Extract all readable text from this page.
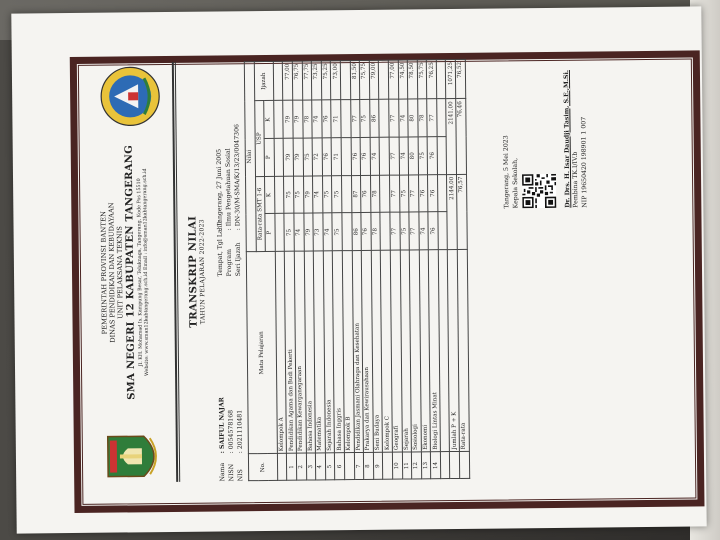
PEMERINTAH PROVINSI BANTEN
DINAS PENDIDIKAN DAN KEBUDAYAAN
UNIT PELAKSANA TEKNIS SMA NEGERI 12 KABUPATEN TANGERANG Jl. KH. Mohamad Is. Kampung Besar, Teluknaga, Tangerang, Kode Pos 15510
Website: www.sman12kabtangerang.sch.id Email : info@sman12kabtangerang.sch.id	TRANSKRIP NILAI
TAHUN PELAJARAN 2022-2023
Nama: SAIFUL NAJAR
NISN: 0054578168
NIS: 2021110481
Tempat, Tgl Lahir: Tangerang, 27 Juni 2005
Program: Ilmu Pengetahuan Sosial
Seri Ijazah: DN-30/M-SMA/K/13/23/0047306
No.	Mata Pelajaran	Nilai				
		Rata-rata SMT 1-6		USP		Ijazah
		P	K	P	K	
	Kelompok A					
1	Pendidikan Agama dan Budi Pekerti	75	75	79	79	77,00
2	Pendidikan Kewarganegaraan	74	75	79	79	76,75
3	Bahasa Indonesia	79	79	75	78	77,75
4	Matematika	73	74	72	74	73,25
5	Sejarah Indonesia	74	75	76	76	75,25
6	Bahasa Inggris	75	75	71	71	73,00
	Kelompok B					
7	Pendidikan Jasmani Olahraga dan Kesehatan	86	87	76	77	81,50
8	Prakarya dan Kewirausahaan	76	76	76	75	75,75
9	Seni Budaya	78	78	74	86	79,00
	Kelompok C					
10	Geografi	77	77	77	77	77,00
11	Sejarah	75	75	74	74	74,50
12	Sosiologi	77	77	80	80	78,50
13	Ekonomi	74	76	75	78	75,75
14	Biologi Lintas Minat	76	76	76	77	76,25

	Jumlah P + K	2144,00		2141,00		1071,25
	Rata-rata	76,57		76,46		76,52
Tangerang, 5 Mei 2023 Kepala Sekolah,	Dr. Drs. H. Isar Daudji Tasim, S.E.,M.Si. Pembina TK.I/IV.b NIP 19650420 198901 1 007
